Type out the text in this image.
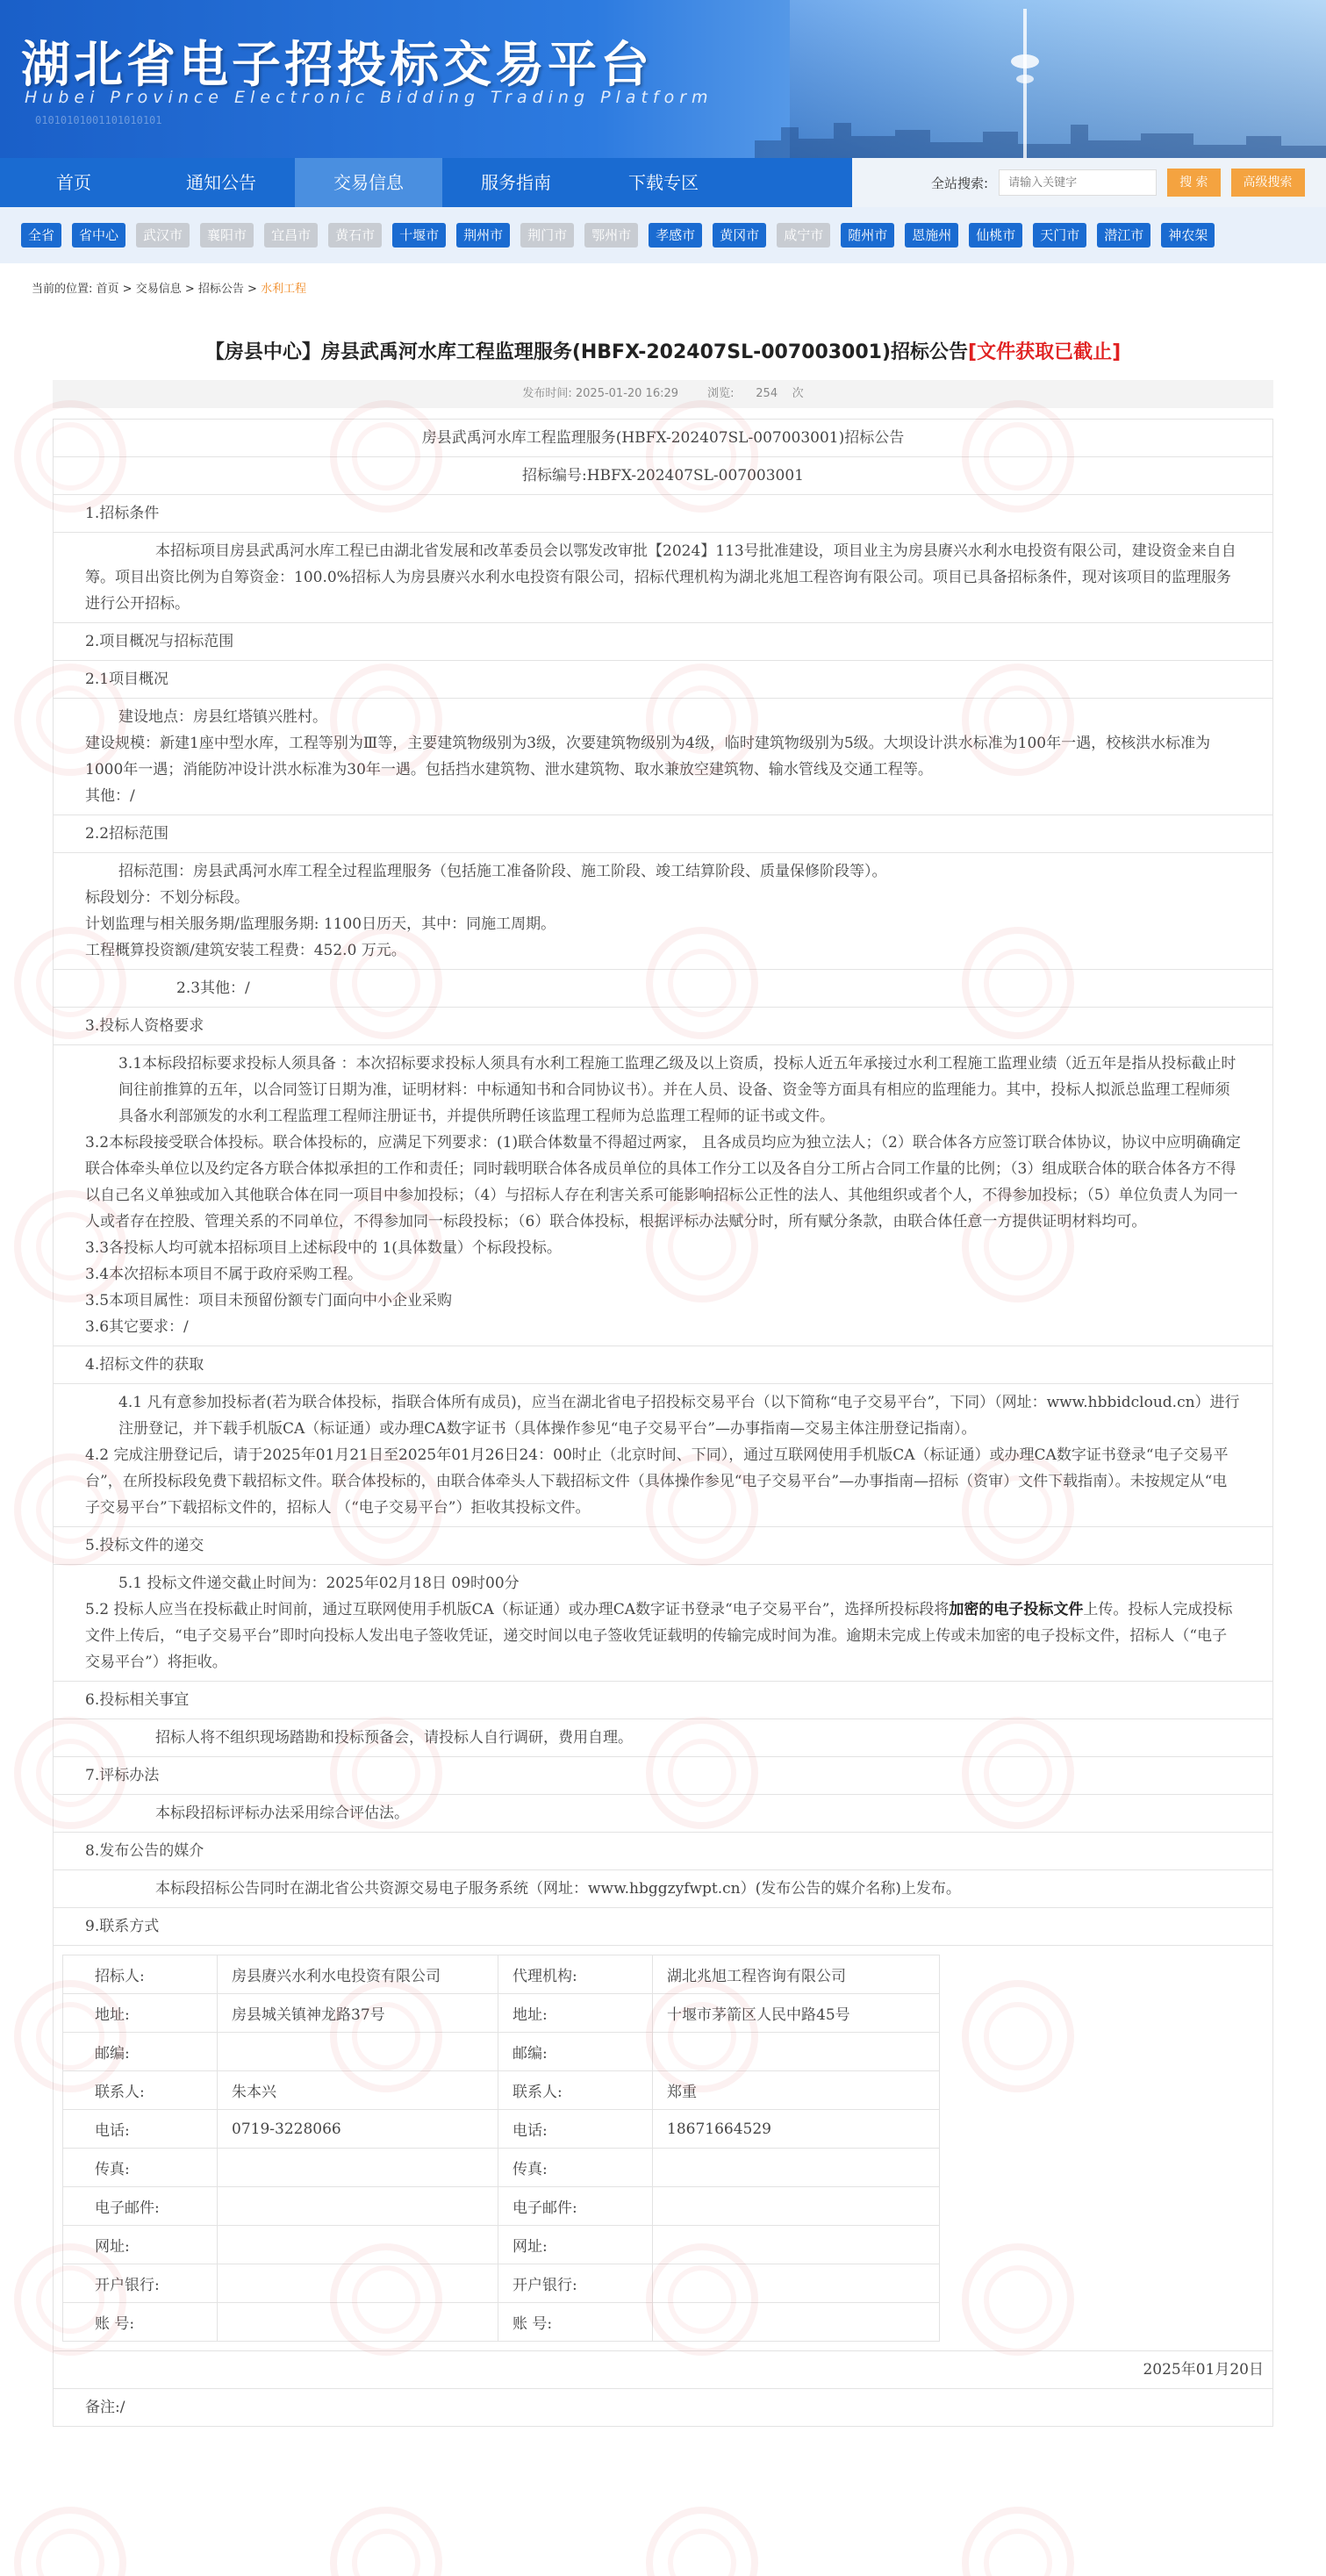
湖北省电子招投标交易平台
Hubei Province Electronic Bidding Trading Platform
01010101001101010101
首页	通知公告	交易信息	服务指南	下载专区	全站搜索:
请输入关键字	搜 索	高级搜索
全省	省中心	武汉市	襄阳市	宜昌市	黄石市	十堰市	荆州市	荆门市	鄂州市	孝感市	黄冈市	咸宁市	随州市	恩施州	仙桃市	天门市	潜江市	神农架
当前的位置: 首页 > 交易信息 > 招标公告 > 水利工程
【房县中心】房县武禹河水库工程监理服务(HBFX-202407SL-007003001)招标公告[文件获取已截止]
发布时间: 2025-01-20 16:29	浏览: 254 次
房县武禹河水库工程监理服务(HBFX-202407SL-007003001)招标公告
招标编号:HBFX-202407SL-007003001
1.招标条件
本招标项目房县武禹河水库工程已由湖北省发展和改革委员会以鄂发改审批【2024】113号批准建设，项目业主为房县赓兴水利水电投资有限公司，建设资金来自自筹。项目出资比例为自筹资金：100.0%招标人为房县赓兴水利水电投资有限公司，招标代理机构为湖北兆旭工程咨询有限公司。项目已具备招标条件，现对该项目的监理服务进行公开招标。
2.项目概况与招标范围
2.1项目概况
建设地点：房县红塔镇兴胜村。
建设规模：新建1座中型水库，工程等别为Ⅲ等，主要建筑物级别为3级，次要建筑物级别为4级，临时建筑物级别为5级。大坝设计洪水标准为100年一遇，校核洪水标准为1000年一遇；消能防冲设计洪水标准为30年一遇。包括挡水建筑物、泄水建筑物、取水兼放空建筑物、输水管线及交通工程等。
其他：/
2.2招标范围
招标范围：房县武禹河水库工程全过程监理服务（包括施工准备阶段、施工阶段、竣工结算阶段、质量保修阶段等）。
标段划分：不划分标段。
计划监理与相关服务期/监理服务期: 1100日历天，其中：同施工周期。
工程概算投资额/建筑安装工程费：452.0 万元。
2.3其他：/
3.投标人资格要求
3.1本标段招标要求投标人须具备 ：本次招标要求投标人须具有水利工程施工监理乙级及以上资质，投标人近五年承接过水利工程施工监理业绩（近五年是指从投标截止时间往前推算的五年，以合同签订日期为准，证明材料：中标通知书和合同协议书）。并在人员、设备、资金等方面具有相应的监理能力。其中，投标人拟派总监理工程师须具备水利部颁发的水利工程监理工程师注册证书，并提供所聘任该监理工程师为总监理工程师的证书或文件。
3.2本标段接受联合体投标。联合体投标的，应满足下列要求：(1)联合体数量不得超过两家， 且各成员均应为独立法人；（2）联合体各方应签订联合体协议，协议中应明确确定联合体牵头单位以及约定各方联合体拟承担的工作和责任；同时载明联合体各成员单位的具体工作分工以及各自分工所占合同工作量的比例；（3）组成联合体的联合体各方不得以自己名义单独或加入其他联合体在同一项目中参加投标；（4）与招标人存在利害关系可能影响招标公正性的法人、其他组织或者个人，不得参加投标；（5）单位负责人为同一人或者存在控股、管理关系的不同单位，不得参加同一标段投标；（6）联合体投标，根据评标办法赋分时，所有赋分条款，由联合体任意一方提供证明材料均可。
3.3各投标人均可就本招标项目上述标段中的 1(具体数量）个标段投标。
3.4本次招标本项目不属于政府采购工程。
3.5本项目属性：项目未预留份额专门面向中小企业采购
3.6其它要求：/
4.招标文件的获取
4.1 凡有意参加投标者(若为联合体投标，指联合体所有成员)，应当在湖北省电子招投标交易平台（以下简称“电子交易平台”，下同）（网址：www.hbbidcloud.cn）进行注册登记，并下载手机版CA（标证通）或办理CA数字证书（具体操作参见“电子交易平台”—办事指南—交易主体注册登记指南）。
4.2 完成注册登记后，请于2025年01月21日至2025年01月26日24：00时止（北京时间、下同），通过互联网使用手机版CA（标证通）或办理CA数字证书登录“电子交易平台”，在所投标段免费下载招标文件。联合体投标的，由联合体牵头人下载招标文件（具体操作参见“电子交易平台”—办事指南—招标（资审）文件下载指南）。未按规定从“电子交易平台”下载招标文件的，招标人 （“电子交易平台”）拒收其投标文件。
5.投标文件的递交
5.1 投标文件递交截止时间为：2025年02月18日 09时00分
5.2 投标人应当在投标截止时间前，通过互联网使用手机版CA（标证通）或办理CA数字证书登录“电子交易平台”，选择所投标段将加密的电子投标文件上传。投标人完成投标文件上传后，“电子交易平台”即时向投标人发出电子签收凭证，递交时间以电子签收凭证载明的传输完成时间为准。逾期未完成上传或未加密的电子投标文件，招标人（“电子交易平台”）将拒收。
6.投标相关事宜
招标人将不组织现场踏勘和投标预备会，请投标人自行调研，费用自理。
7.评标办法
本标段招标评标办法采用综合评估法。
8.发布公告的媒介
本标段招标公告同时在湖北省公共资源交易电子服务系统（网址：www.hbggzyfwpt.cn）(发布公告的媒介名称)上发布。
9.联系方式
招标人:	房县赓兴水利水电投资有限公司	代理机构:	湖北兆旭工程咨询有限公司
地址:	房县城关镇神龙路37号	地址:	十堰市茅箭区人民中路45号
邮编:		邮编:	
联系人:	朱本兴	联系人:	郑重
电话:	0719-3228066	电话:	18671664529
传真:		传真:	
电子邮件:		电子邮件:	
网址:		网址:	
开户银行:		开户银行:	
账 号:		账 号:	
2025年01月20日
备注:/
